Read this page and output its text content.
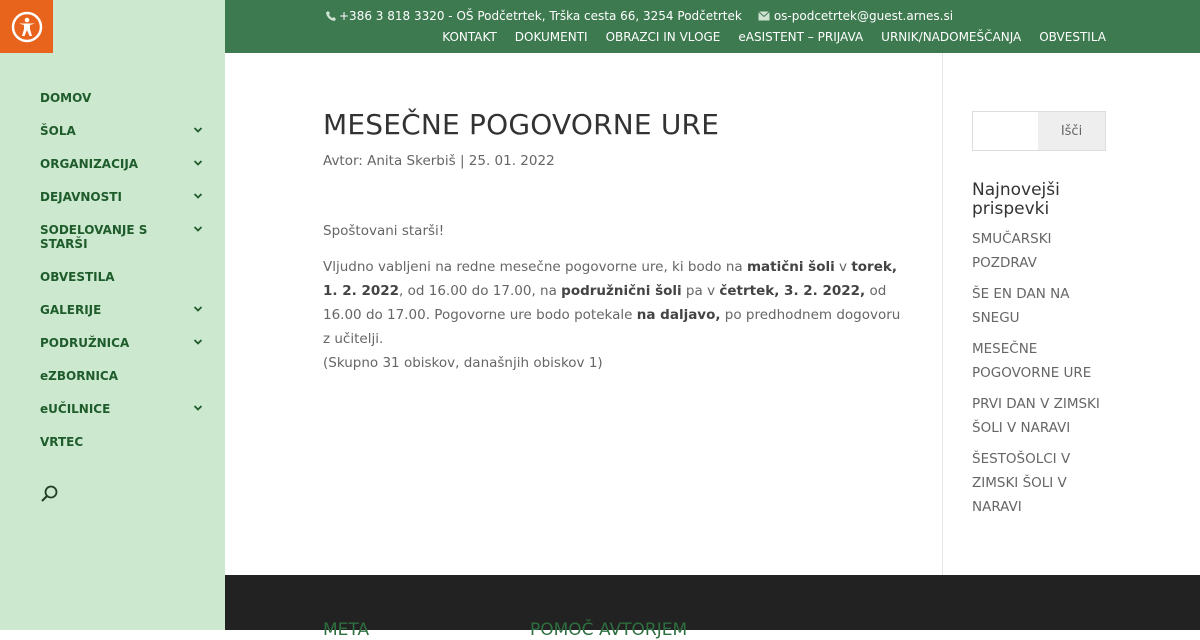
DOMOV
ŠOLA
ORGANIZACIJA
DEJAVNOSTI
SODELOVANJE S STARŠI
OBVESTILA
GALERIJE
PODRUŽNICA
eZBORNICA
eUČILNICE
VRTEC
+386 3 818 3320 - OŠ Podčetrtek, Trška cesta 66, 3254 Podčetrtek	os-podcetrtek@guest.arnes.si
KONTAKT DOKUMENTI OBRAZCI IN VLOGE eASISTENT – PRIJAVA URNIK/NADOMEŠČANJA OBVESTILA
MESEČNE POGOVORNE URE
Avtor: Anita Skerbiš | 25. 01. 2022

Spoštovani starši!

Vljudno vabljeni na redne mesečne pogovorne ure, ki bodo na matični šoli v torek, 1. 2. 2022, od 16.00 do 17.00, na podružnični šoli pa v četrtek, 3. 2. 2022, od 16.00 do 17.00. Pogovorne ure bodo potekale na daljavo, po predhodnem dogovoru z učitelji.
(Skupno 31 obiskov, današnjih obiskov 1)

Išči
Najnovejši prispevki
SMUČARSKI POZDRAV
ŠE EN DAN NA SNEGU
MESEČNE POGOVORNE URE
PRVI DAN V ZIMSKI ŠOLI V NARAVI
ŠESTOŠOLCI V ZIMSKI ŠOLI V NARAVI
META	POMOČ AVTORJEM
